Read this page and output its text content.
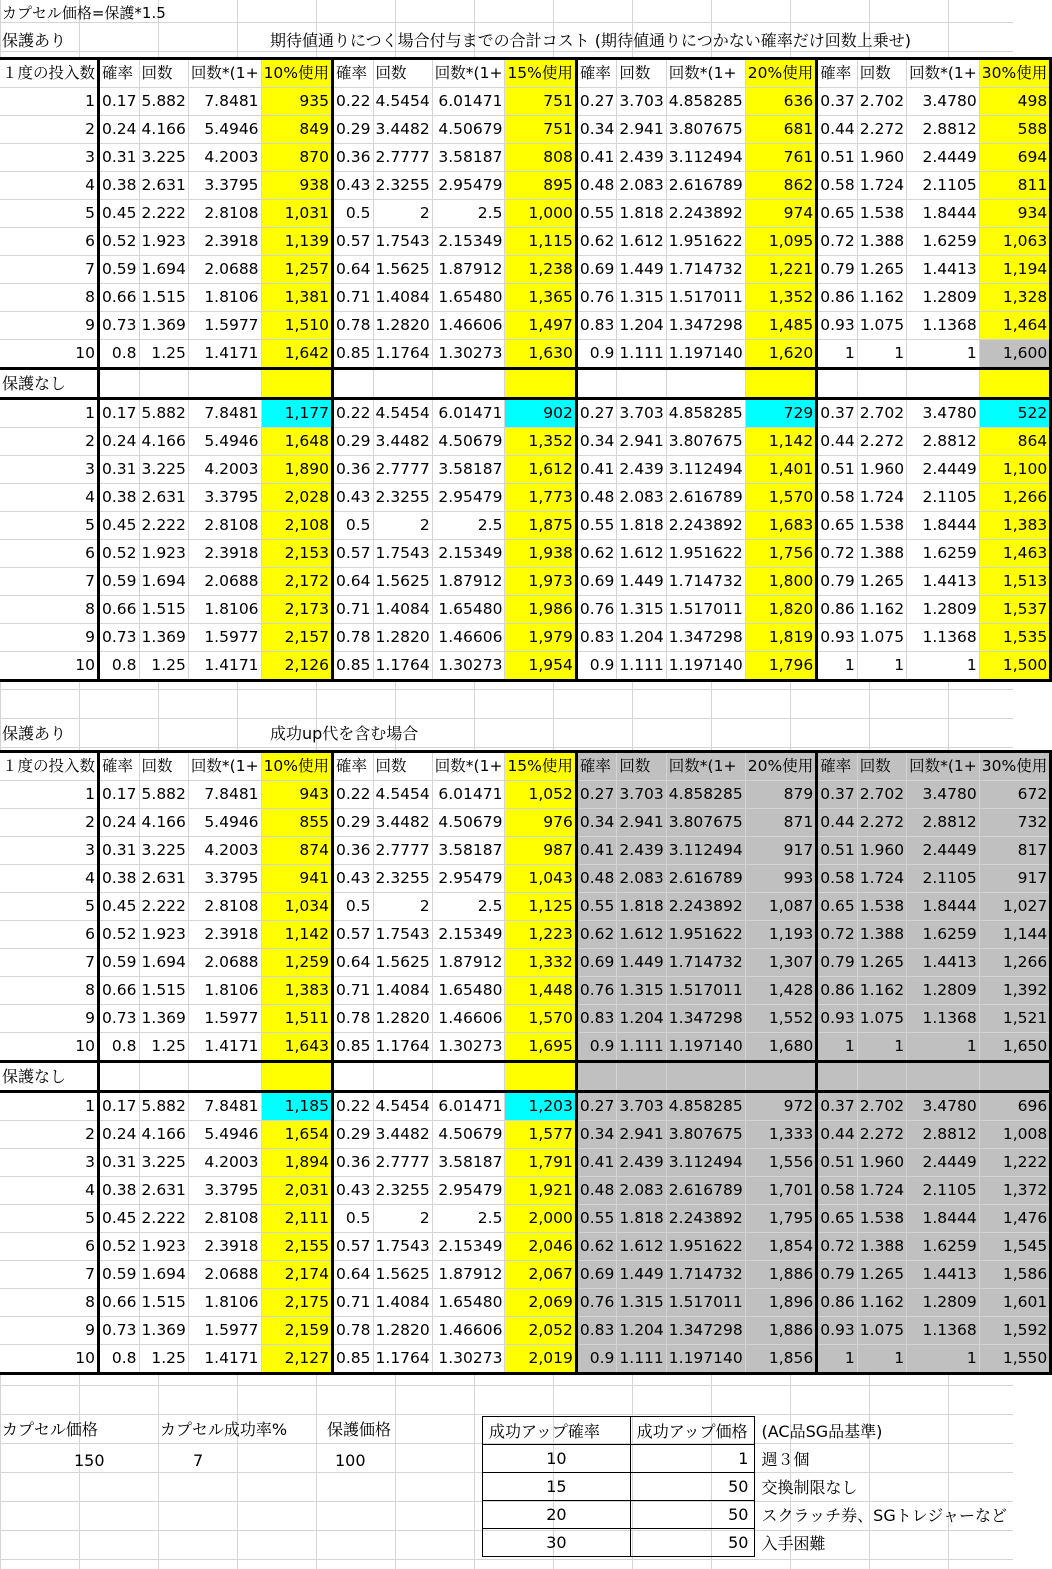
カプセル価格=保護*1.5
保護あり	期待値通りにつく場合付与までの合計コスト (期待値通りにつかない確率だけ回数上乗せ)
１度の投入数	確率	回数	回数*(1+	10%使用	確率	回数	回数*(1+	15%使用	確率	回数	回数*(1+	20%使用	確率	回数	回数*(1+	30%使用
1	0.17	5.882	7.8481	935	0.22	4.5454	6.01471	751	0.27	3.703	4.858285	636	0.37	2.702	3.4780	498
2	0.24	4.166	5.4946	849	0.29	3.4482	4.50679	751	0.34	2.941	3.807675	681	0.44	2.272	2.8812	588
3	0.31	3.225	4.2003	870	0.36	2.7777	3.58187	808	0.41	2.439	3.112494	761	0.51	1.960	2.4449	694
4	0.38	2.631	3.3795	938	0.43	2.3255	2.95479	895	0.48	2.083	2.616789	862	0.58	1.724	2.1105	811
5	0.45	2.222	2.8108	1,031	0.5	2	2.5	1,000	0.55	1.818	2.243892	974	0.65	1.538	1.8444	934
6	0.52	1.923	2.3918	1,139	0.57	1.7543	2.15349	1,115	0.62	1.612	1.951622	1,095	0.72	1.388	1.6259	1,063
7	0.59	1.694	2.0688	1,257	0.64	1.5625	1.87912	1,238	0.69	1.449	1.714732	1,221	0.79	1.265	1.4413	1,194
8	0.66	1.515	1.8106	1,381	0.71	1.4084	1.65480	1,365	0.76	1.315	1.517011	1,352	0.86	1.162	1.2809	1,328
9	0.73	1.369	1.5977	1,510	0.78	1.2820	1.46606	1,497	0.83	1.204	1.347298	1,485	0.93	1.075	1.1368	1,464
10	0.8	1.25	1.4171	1,642	0.85	1.1764	1.30273	1,630	0.9	1.111	1.197140	1,620	1	1	1	1,600
保護なし																
1	0.17	5.882	7.8481	1,177	0.22	4.5454	6.01471	902	0.27	3.703	4.858285	729	0.37	2.702	3.4780	522
2	0.24	4.166	5.4946	1,648	0.29	3.4482	4.50679	1,352	0.34	2.941	3.807675	1,142	0.44	2.272	2.8812	864
3	0.31	3.225	4.2003	1,890	0.36	2.7777	3.58187	1,612	0.41	2.439	3.112494	1,401	0.51	1.960	2.4449	1,100
4	0.38	2.631	3.3795	2,028	0.43	2.3255	2.95479	1,773	0.48	2.083	2.616789	1,570	0.58	1.724	2.1105	1,266
5	0.45	2.222	2.8108	2,108	0.5	2	2.5	1,875	0.55	1.818	2.243892	1,683	0.65	1.538	1.8444	1,383
6	0.52	1.923	2.3918	2,153	0.57	1.7543	2.15349	1,938	0.62	1.612	1.951622	1,756	0.72	1.388	1.6259	1,463
7	0.59	1.694	2.0688	2,172	0.64	1.5625	1.87912	1,973	0.69	1.449	1.714732	1,800	0.79	1.265	1.4413	1,513
8	0.66	1.515	1.8106	2,173	0.71	1.4084	1.65480	1,986	0.76	1.315	1.517011	1,820	0.86	1.162	1.2809	1,537
9	0.73	1.369	1.5977	2,157	0.78	1.2820	1.46606	1,979	0.83	1.204	1.347298	1,819	0.93	1.075	1.1368	1,535
10	0.8	1.25	1.4171	2,126	0.85	1.1764	1.30273	1,954	0.9	1.111	1.197140	1,796	1	1	1	1,500
保護あり	成功up代を含む場合
１度の投入数	確率	回数	回数*(1+	10%使用	確率	回数	回数*(1+	15%使用	確率	回数	回数*(1+	20%使用	確率	回数	回数*(1+	30%使用
1	0.17	5.882	7.8481	943	0.22	4.5454	6.01471	1,052	0.27	3.703	4.858285	879	0.37	2.702	3.4780	672
2	0.24	4.166	5.4946	855	0.29	3.4482	4.50679	976	0.34	2.941	3.807675	871	0.44	2.272	2.8812	732
3	0.31	3.225	4.2003	874	0.36	2.7777	3.58187	987	0.41	2.439	3.112494	917	0.51	1.960	2.4449	817
4	0.38	2.631	3.3795	941	0.43	2.3255	2.95479	1,043	0.48	2.083	2.616789	993	0.58	1.724	2.1105	917
5	0.45	2.222	2.8108	1,034	0.5	2	2.5	1,125	0.55	1.818	2.243892	1,087	0.65	1.538	1.8444	1,027
6	0.52	1.923	2.3918	1,142	0.57	1.7543	2.15349	1,223	0.62	1.612	1.951622	1,193	0.72	1.388	1.6259	1,144
7	0.59	1.694	2.0688	1,259	0.64	1.5625	1.87912	1,332	0.69	1.449	1.714732	1,307	0.79	1.265	1.4413	1,266
8	0.66	1.515	1.8106	1,383	0.71	1.4084	1.65480	1,448	0.76	1.315	1.517011	1,428	0.86	1.162	1.2809	1,392
9	0.73	1.369	1.5977	1,511	0.78	1.2820	1.46606	1,570	0.83	1.204	1.347298	1,552	0.93	1.075	1.1368	1,521
10	0.8	1.25	1.4171	1,643	0.85	1.1764	1.30273	1,695	0.9	1.111	1.197140	1,680	1	1	1	1,650
保護なし																
1	0.17	5.882	7.8481	1,185	0.22	4.5454	6.01471	1,203	0.27	3.703	4.858285	972	0.37	2.702	3.4780	696
2	0.24	4.166	5.4946	1,654	0.29	3.4482	4.50679	1,577	0.34	2.941	3.807675	1,333	0.44	2.272	2.8812	1,008
3	0.31	3.225	4.2003	1,894	0.36	2.7777	3.58187	1,791	0.41	2.439	3.112494	1,556	0.51	1.960	2.4449	1,222
4	0.38	2.631	3.3795	2,031	0.43	2.3255	2.95479	1,921	0.48	2.083	2.616789	1,701	0.58	1.724	2.1105	1,372
5	0.45	2.222	2.8108	2,111	0.5	2	2.5	2,000	0.55	1.818	2.243892	1,795	0.65	1.538	1.8444	1,476
6	0.52	1.923	2.3918	2,155	0.57	1.7543	2.15349	2,046	0.62	1.612	1.951622	1,854	0.72	1.388	1.6259	1,545
7	0.59	1.694	2.0688	2,174	0.64	1.5625	1.87912	2,067	0.69	1.449	1.714732	1,886	0.79	1.265	1.4413	1,586
8	0.66	1.515	1.8106	2,175	0.71	1.4084	1.65480	2,069	0.76	1.315	1.517011	1,896	0.86	1.162	1.2809	1,601
9	0.73	1.369	1.5977	2,159	0.78	1.2820	1.46606	2,052	0.83	1.204	1.347298	1,886	0.93	1.075	1.1368	1,592
10	0.8	1.25	1.4171	2,127	0.85	1.1764	1.30273	2,019	0.9	1.111	1.197140	1,856	1	1	1	1,550
カプセル価格
150
カプセル成功率%
7
保護価格
100
成功アップ確率	成功アップ価格	(AC品SG品基準)
10	1	週３個
15	50	交換制限なし
20	50	スクラッチ券、SGトレジャーなど
30	50	入手困難
